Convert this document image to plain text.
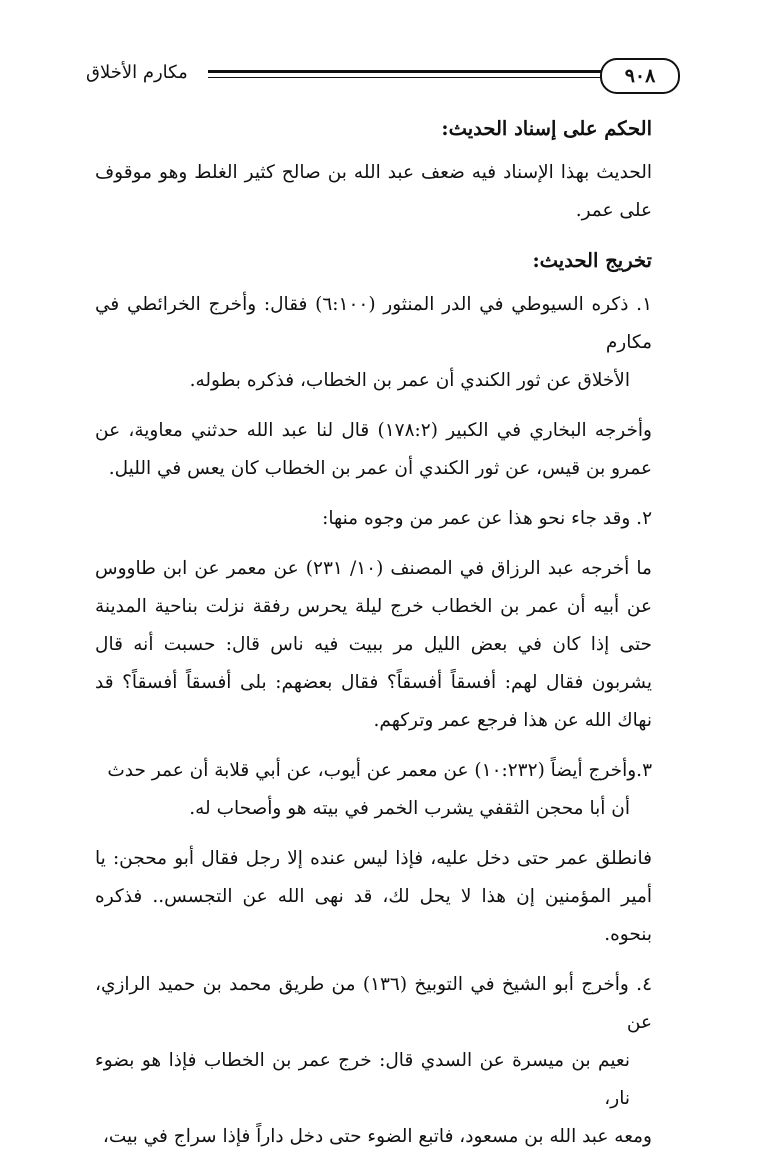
٩٠٨
مكارم الأخلاق
الحكم على إسناد الحديث:
الحديث بهذا الإسناد فيه ضعف عبد الله بن صالح كثير الغلط وهو موقوف على عمر.
تخريج الحديث:
١. ذكره السيوطي في الدر المنثور (٦:١٠٠) فقال: وأخرج الخرائطي في مكارم
الأخلاق عن ثور الكندي أن عمر بن الخطاب، فذكره بطوله.
وأخرجه البخاري في الكبير (١٧٨:٢) قال لنا عبد الله حدثني معاوية، عن عمرو بن قيس، عن ثور الكندي أن عمر بن الخطاب كان يعس في الليل.
٢. وقد جاء نحو هذا عن عمر من وجوه منها:
ما أخرجه عبد الرزاق في المصنف (١٠/ ٢٣١) عن معمر عن ابن طاووس عن أبيه أن عمر بن الخطاب خرج ليلة يحرس رفقة نزلت بناحية المدينة حتى إذا كان في بعض الليل مر ببيت فيه ناس قال: حسبت أنه قال يشربون فقال لهم: أفسقاً أفسقاً؟ فقال بعضهم: بلى أفسقاً أفسقاً؟ قد نهاك الله عن هذا فرجع عمر وتركهم.
٣.وأخرج أيضاً (١٠:٢٣٢) عن معمر عن أيوب، عن أبي قلابة أن عمر حدث
أن أبا محجن الثقفي يشرب الخمر في بيته هو وأصحاب له.
فانطلق عمر حتى دخل عليه، فإذا ليس عنده إلا رجل فقال أبو محجن: يا أمير المؤمنين إن هذا لا يحل لك، قد نهى الله عن التجسس.. فذكره بنحوه.
٤. وأخرج أبو الشيخ في التوبيخ (١٣٦) من طريق محمد بن حميد الرازي، عن
نعيم بن ميسرة عن السدي قال: خرج عمر بن الخطاب فإذا هو بضوء نار،
ومعه عبد الله بن مسعود، فاتبع الضوء حتى دخل داراً فإذا سراج في بيت،
